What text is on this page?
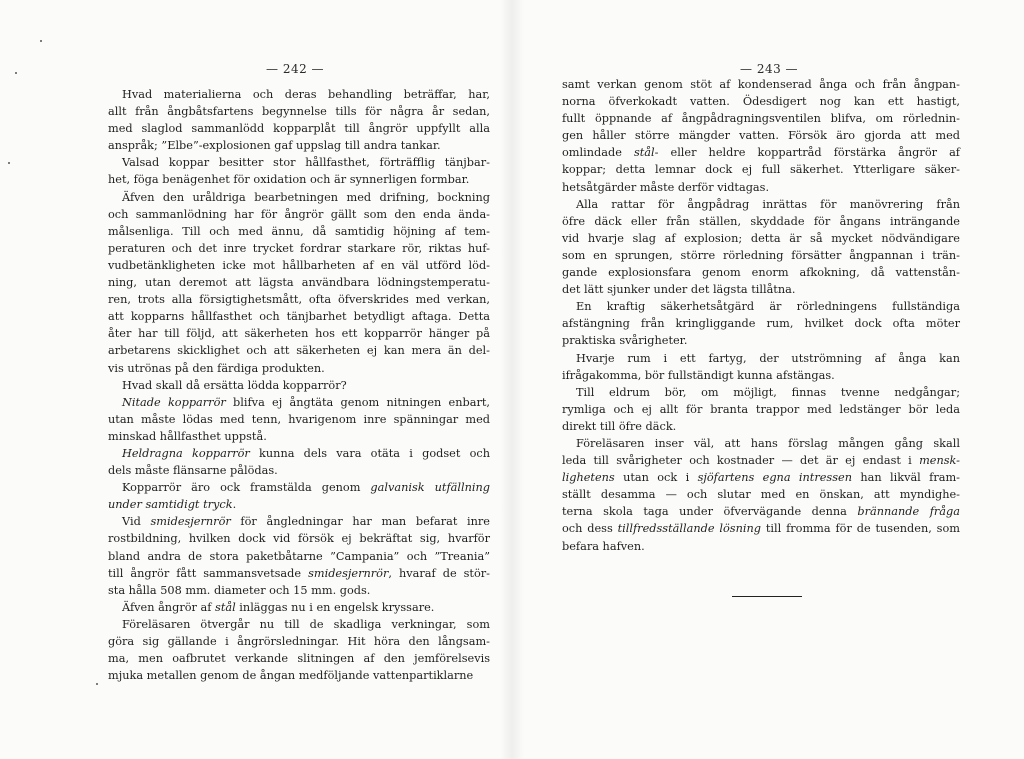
— 242 —
Hvad materialierna och deras behandling beträffar, har,
allt från ångbåtsfartens begynnelse tills för några år sedan,
med slaglod sammanlödd kopparplåt till ångrör uppfyllt alla
anspråk; ”Elbe”-explosionen gaf uppslag till andra tankar.
Valsad koppar besitter stor hållfasthet, förträfflig tänjbar-
het, föga benägenhet för oxidation och är synnerligen formbar.
Äfven den uråldriga bearbetningen med drifning, bockning
och sammanlödning har för ångrör gällt som den enda ända-
målsenliga. Till och med ännu, då samtidig höjning af tem-
peraturen och det inre trycket fordrar starkare rör, riktas huf-
vudbetänkligheten icke mot hållbarheten af en väl utförd löd-
ning, utan deremot att lägsta användbara lödningstemperatu-
ren, trots alla försigtighetsmått, ofta öfverskrides med verkan,
att kopparns hållfasthet och tänjbarhet betydligt aftaga. Detta
åter har till följd, att säkerheten hos ett kopparrör hänger på
arbetarens skicklighet och att säkerheten ej kan mera än del-
vis utrönas på den färdiga produkten.
Hvad skall då ersätta lödda kopparrör?
Nitade kopparrör blifva ej ångtäta genom nitningen enbart,
utan måste lödas med tenn, hvarigenom inre spänningar med
minskad hållfasthet uppstå.
Heldragna kopparrör kunna dels vara otäta i godset och
dels måste flänsarne pålödas.
Kopparrör äro ock framstälda genom galvanisk utfällning
under samtidigt tryck.
Vid smidesjernrör för ångledningar har man befarat inre
rostbildning, hvilken dock vid försök ej bekräftat sig, hvarför
bland andra de stora paketbåtarne ”Campania” och ”Treania”
till ångrör fått sammansvetsade smidesjernrör, hvaraf de stör-
sta hålla 508 mm. diameter och 15 mm. gods.
Äfven ångrör af stål inläggas nu i en engelsk kryssare.
Föreläsaren ötvergår nu till de skadliga verkningar, som
göra sig gällande i ångrörsledningar. Hit höra den långsam-
ma, men oafbrutet verkande slitningen af den jemförelsevis
mjuka metallen genom de ångan medföljande vattenpartiklarne
— 243 —
samt verkan genom stöt af kondenserad ånga och från ångpan-
norna öfverkokadt vatten. Ödesdigert nog kan ett hastigt,
fullt öppnande af ångpådragningsventilen blifva, om rörlednin-
gen håller större mängder vatten. Försök äro gjorda att med
omlindade stål- eller heldre koppartråd förstärka ångrör af
koppar; detta lemnar dock ej full säkerhet. Ytterligare säker-
hetsåtgärder måste derför vidtagas.
Alla rattar för ångpådrag inrättas för manövrering från
öfre däck eller från ställen, skyddade för ångans inträngande
vid hvarje slag af explosion; detta är så mycket nödvändigare
som en sprungen, större rörledning försätter ångpannan i trän-
gande explosionsfara genom enorm afkokning, då vattenstån-
det lätt sjunker under det lägsta tillåtna.
En kraftig säkerhetsåtgärd är rörledningens fullständiga
afstängning från kringliggande rum, hvilket dock ofta möter
praktiska svårigheter.
Hvarje rum i ett fartyg, der utströmning af ånga kan
ifrågakomma, bör fullständigt kunna afstängas.
Till eldrum bör, om möjligt, finnas tvenne nedgångar;
rymliga och ej allt för branta trappor med ledstänger bör leda
direkt till öfre däck.
Föreläsaren inser väl, att hans förslag mången gång skall
leda till svårigheter och kostnader — det är ej endast i mensk-
lighetens utan ock i sjöfartens egna intressen han likväl fram-
ställt desamma — och slutar med en önskan, att myndighe-
terna skola taga under öfvervägande denna brännande fråga
och dess tillfredsställande lösning till fromma för de tusenden, som
befara hafven.
